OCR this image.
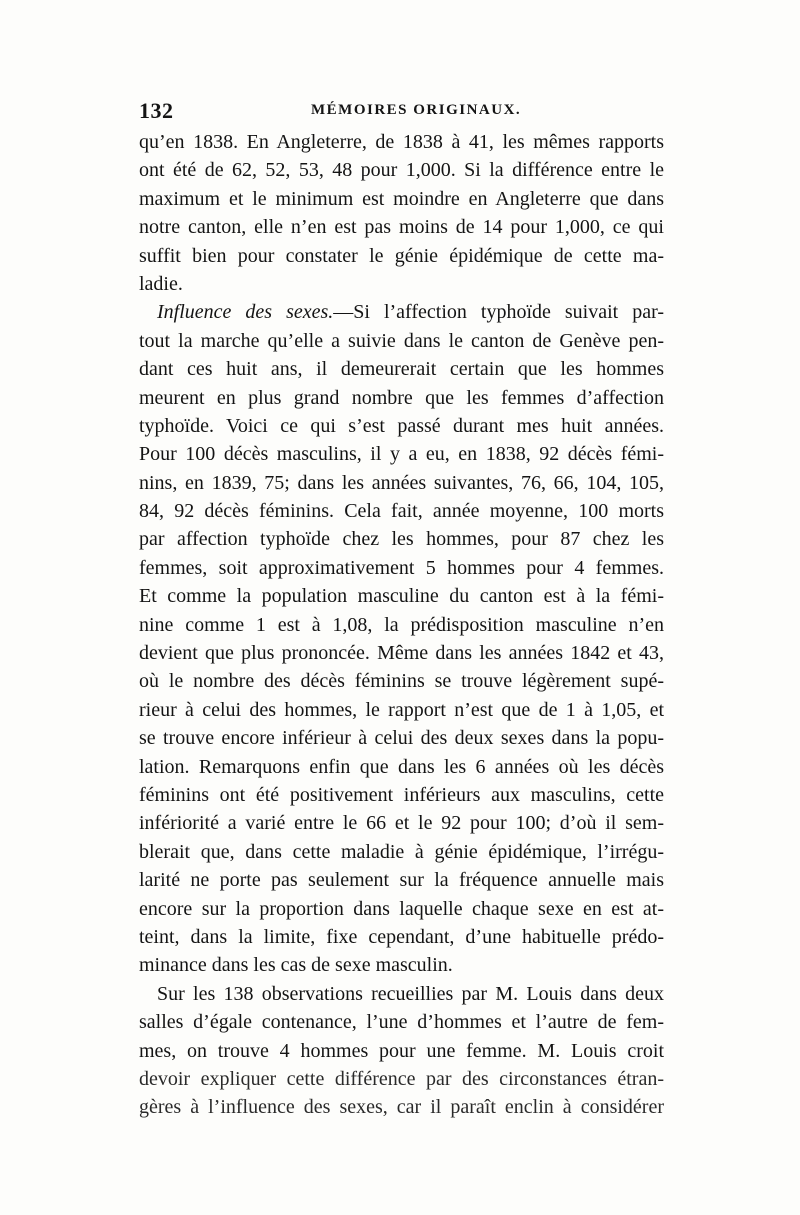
132	MÉMOIRES ORIGINAUX.
qu’en 1838. En Angleterre, de 1838 à 41, les mêmes rapports
ont été de 62, 52, 53, 48 pour 1,000. Si la différence entre le
maximum et le minimum est moindre en Angleterre que dans
notre canton, elle n’en est pas moins de 14 pour 1,000, ce qui
suffit bien pour constater le génie épidémique de cette ma-
ladie.
Influence des sexes.—Si l’affection typhoïde suivait par-
tout la marche qu’elle a suivie dans le canton de Genève pen-
dant ces huit ans, il demeurerait certain que les hommes
meurent en plus grand nombre que les femmes d’affection
typhoïde. Voici ce qui s’est passé durant mes huit années.
Pour 100 décès masculins, il y a eu, en 1838, 92 décès fémi-
nins, en 1839, 75; dans les années suivantes, 76, 66, 104, 105,
84, 92 décès féminins. Cela fait, année moyenne, 100 morts
par affection typhoïde chez les hommes, pour 87 chez les
femmes, soit approximativement 5 hommes pour 4 femmes.
Et comme la population masculine du canton est à la fémi-
nine comme 1 est à 1,08, la prédisposition masculine n’en
devient que plus prononcée. Même dans les années 1842 et 43,
où le nombre des décès féminins se trouve légèrement supé-
rieur à celui des hommes, le rapport n’est que de 1 à 1,05, et
se trouve encore inférieur à celui des deux sexes dans la popu-
lation. Remarquons enfin que dans les 6 années où les décès
féminins ont été positivement inférieurs aux masculins, cette
infériorité a varié entre le 66 et le 92 pour 100; d’où il sem-
blerait que, dans cette maladie à génie épidémique, l’irrégu-
larité ne porte pas seulement sur la fréquence annuelle mais
encore sur la proportion dans laquelle chaque sexe en est at-
teint, dans la limite, fixe cependant, d’une habituelle prédo-
minance dans les cas de sexe masculin.
Sur les 138 observations recueillies par M. Louis dans deux
salles d’égale contenance, l’une d’hommes et l’autre de fem-
mes, on trouve 4 hommes pour une femme. M. Louis croit
devoir expliquer cette différence par des circonstances étran-
gères à l’influence des sexes, car il paraît enclin à considérer
